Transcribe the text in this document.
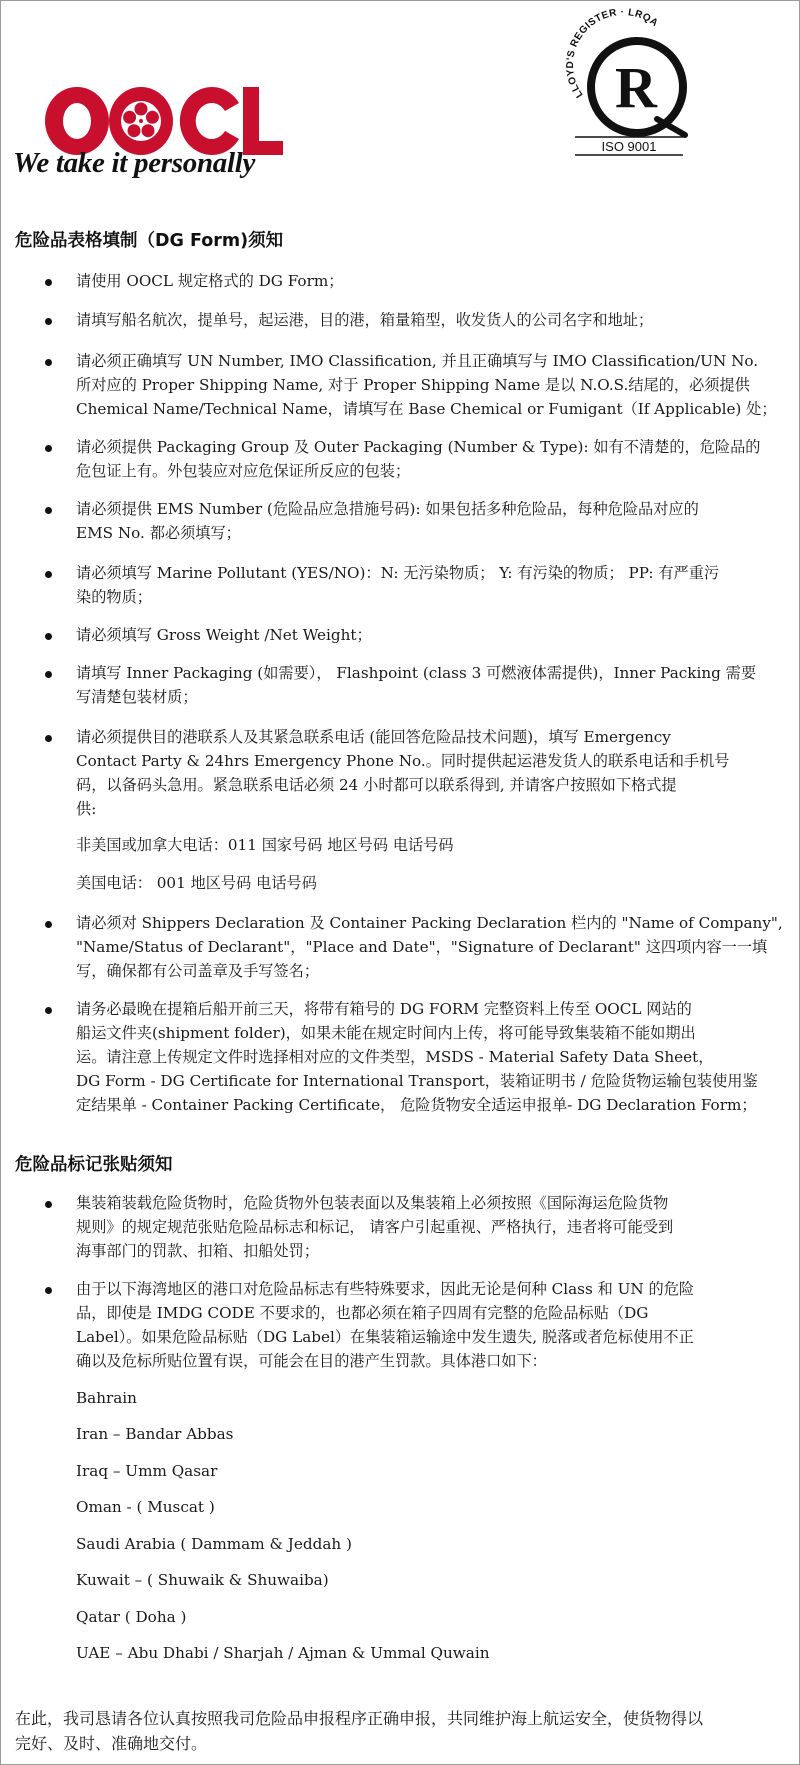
We take it personally
LLOYD'S REGISTER · LRQA
R
ISO 9001
危险品表格填制（DG Form)须知
请使用 OOCL 规定格式的 DG Form；
请填写船名航次，提单号，起运港，目的港，箱量箱型，收发货人的公司名字和地址；
请必须正确填写 UN Number, IMO Classification, 并且正确填写与 IMO Classification/UN No.
所对应的 Proper Shipping Name, 对于 Proper Shipping Name 是以 N.O.S.结尾的，必须提供
Chemical Name/Technical Name，请填写在 Base Chemical or Fumigant（If Applicable) 处；
请必须提供 Packaging Group 及 Outer Packaging (Number & Type): 如有不清楚的，危险品的
危包证上有。外包装应对应危保证所反应的包装；
请必须提供 EMS Number (危险品应急措施号码): 如果包括多种危险品，每种危险品对应的
EMS No. 都必须填写；
请必须填写 Marine Pollutant (YES/NO)：N: 无污染物质； Y: 有污染的物质； PP: 有严重污
染的物质；
请必须填写 Gross Weight /Net Weight；
请填写 Inner Packaging (如需要）， Flashpoint (class 3 可燃液体需提供)，Inner Packing 需要
写清楚包装材质；
请必须提供目的港联系人及其紧急联系电话 (能回答危险品技术问题)，填写 Emergency
Contact Party & 24hrs Emergency Phone No.。同时提供起运港发货人的联系电话和手机号
码，以备码头急用。紧急联系电话必须 24 小时都可以联系得到, 并请客户按照如下格式提
供:
非美国或加拿大电话：011 国家号码 地区号码 电话号码
美国电话： 001 地区号码 电话号码
请必须对 Shippers Declaration 及 Container Packing Declaration 栏内的 "Name of Company",
"Name/Status of Declarant"，"Place and Date"，"Signature of Declarant" 这四项内容一一填
写，确保都有公司盖章及手写签名；
请务必最晚在提箱后船开前三天，将带有箱号的 DG FORM 完整资料上传至 OOCL 网站的
船运文件夹(shipment folder)，如果未能在规定时间内上传，将可能导致集装箱不能如期出
运。请注意上传规定文件时选择相对应的文件类型，MSDS - Material Safety Data Sheet，
DG Form - DG Certificate for International Transport，装箱证明书 / 危险货物运输包装使用鉴
定结果单 - Container Packing Certificate， 危险货物安全适运申报单- DG Declaration Form；
危险品标记张贴须知
集装箱装载危险货物时，危险货物外包装表面以及集装箱上必须按照《国际海运危险货物
规则》的规定规范张贴危险品标志和标记， 请客户引起重视、严格执行，违者将可能受到
海事部门的罚款、扣箱、扣船处罚；
由于以下海湾地区的港口对危险品标志有些特殊要求，因此无论是何种 Class 和 UN 的危险
品，即使是 IMDG CODE 不要求的，也都必须在箱子四周有完整的危险品标贴（DG
Label）。如果危险品标贴（DG Label）在集装箱运输途中发生遗失, 脱落或者危标使用不正
确以及危标所贴位置有误，可能会在目的港产生罚款。具体港口如下：
Bahrain
Iran – Bandar Abbas
Iraq – Umm Qasar
Oman - ( Muscat )
Saudi Arabia ( Dammam & Jeddah )
Kuwait – ( Shuwaik & Shuwaiba)
Qatar ( Doha )
UAE – Abu Dhabi / Sharjah / Ajman & Ummal Quwain
在此，我司恳请各位认真按照我司危险品申报程序正确申报，共同维护海上航运安全，使货物得以
完好、及时、准确地交付。
